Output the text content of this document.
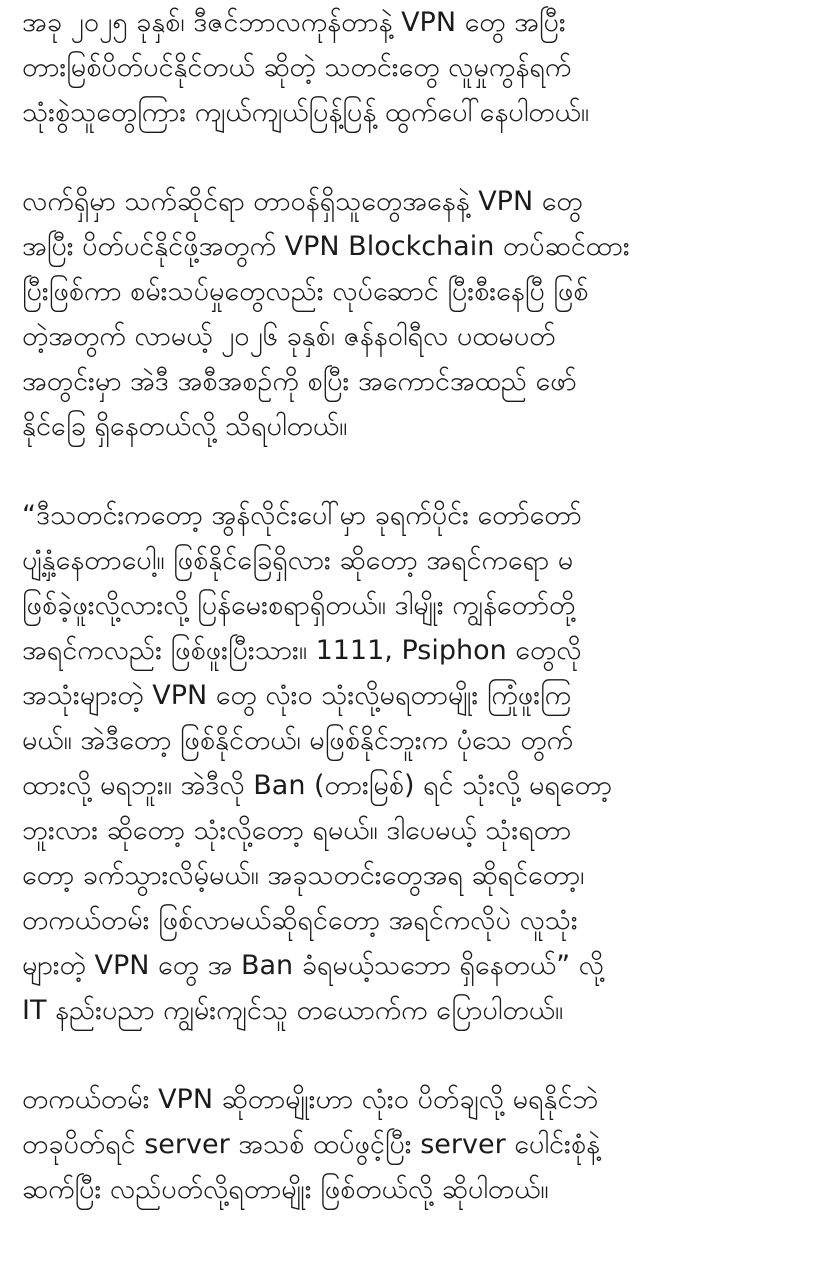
အခု ၂၀၂၅ ခုနှစ်၊ ဒီဇင်ဘာလကုန်တာနဲ့ VPN တွေ အပြီး
တားမြစ်ပိတ်ပင်နိုင်တယ် ဆိုတဲ့ သတင်းတွေ လူမှုကွန်ရက်
သုံးစွဲသူတွေကြား ကျယ်ကျယ်ပြန့်ပြန့် ထွက်ပေါ်နေပါတယ်။
လက်ရှိမှာ သက်ဆိုင်ရာ တာဝန်ရှိသူတွေအနေနဲ့ VPN တွေ
အပြီး ပိတ်ပင်နိုင်ဖို့အတွက် VPN Blockchain တပ်ဆင်ထား
ပြီးဖြစ်ကာ စမ်းသပ်မှုတွေလည်း လုပ်ဆောင် ပြီးစီးနေပြီ ဖြစ်
တဲ့အတွက် လာမယ့် ၂၀၂၆ ခုနှစ်၊ ဇန်နဝါရီလ ပထမပတ်
အတွင်းမှာ အဲဒီ အစီအစဉ်ကို စပြီး အကောင်အထည် ဖော်
နိုင်ခြေ ရှိနေတယ်လို့ သိရပါတယ်။
“ဒီသတင်းကတော့ အွန်လိုင်းပေါ်မှာ ခုရက်ပိုင်း တော်တော်
ပျံ့နှံ့နေတာပေါ့။ ဖြစ်နိုင်ခြေရှိလား ဆိုတော့ အရင်ကရော မ
ဖြစ်ခဲ့ဖူးလို့လားလို့ ပြန်မေးစရာရှိတယ်။ ဒါမျိုး ကျွန်တော်တို့
အရင်ကလည်း ဖြစ်ဖူးပြီးသား။ 1111, Psiphon တွေလို
အသုံးများတဲ့ VPN တွေ လုံးဝ သုံးလို့မရတာမျိုး ကြုံဖူးကြ
မယ်။ အဲဒီတော့ ဖြစ်နိုင်တယ်၊ မဖြစ်နိုင်ဘူးက ပုံသေ တွက်
ထားလို့ မရဘူး။ အဲဒီလို Ban (တားမြစ်) ရင် သုံးလို့ မရတော့
ဘူးလား ဆိုတော့ သုံးလို့တော့ ရမယ်။ ဒါပေမယ့် သုံးရတာ
တော့ ခက်သွားလိမ့်မယ်။ အခုသတင်းတွေအရ ဆိုရင်တော့၊
တကယ်တမ်း ဖြစ်လာမယ်ဆိုရင်တော့ အရင်ကလိုပဲ လူသုံး
များတဲ့ VPN တွေ အ Ban ခံရမယ့်သဘော ရှိနေတယ်” လို့
IT နည်းပညာ ကျွမ်းကျင်သူ တယောက်က ပြောပါတယ်။
တကယ်တမ်း VPN ဆိုတာမျိုးဟာ လုံးဝ ပိတ်ချလို့ မရနိုင်ဘဲ
တခုပိတ်ရင် server အသစ် ထပ်ဖွင့်ပြီး server ပေါင်းစုံနဲ့
ဆက်ပြီး လည်ပတ်လို့ရတာမျိုး ဖြစ်တယ်လို့ ဆိုပါတယ်။
